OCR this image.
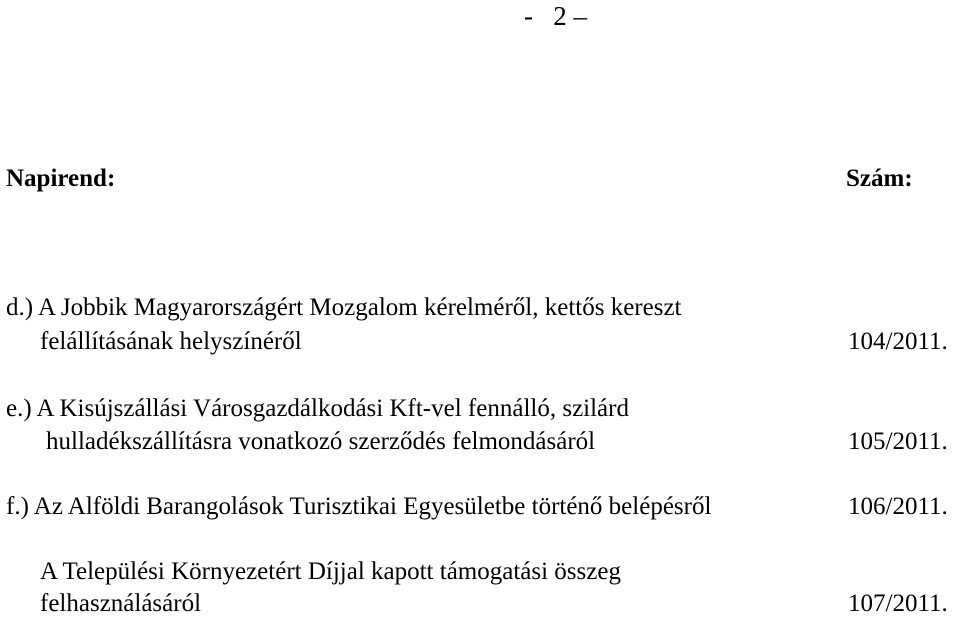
-   2 –
Napirend:	Szám:
d.) A Jobbik Magyarországért Mozgalom kérelméről, kettős kereszt
felállításának helyszínéről	104/2011.
e.) A Kisújszállási Városgazdálkodási Kft-vel fennálló, szilárd
hulladékszállításra vonatkozó szerződés felmondásáról	105/2011.
f.) Az Alföldi Barangolások Turisztikai Egyesületbe történő belépésről	106/2011.
A Települési Környezetért Díjjal kapott támogatási összeg
felhasználásáról	107/2011.
